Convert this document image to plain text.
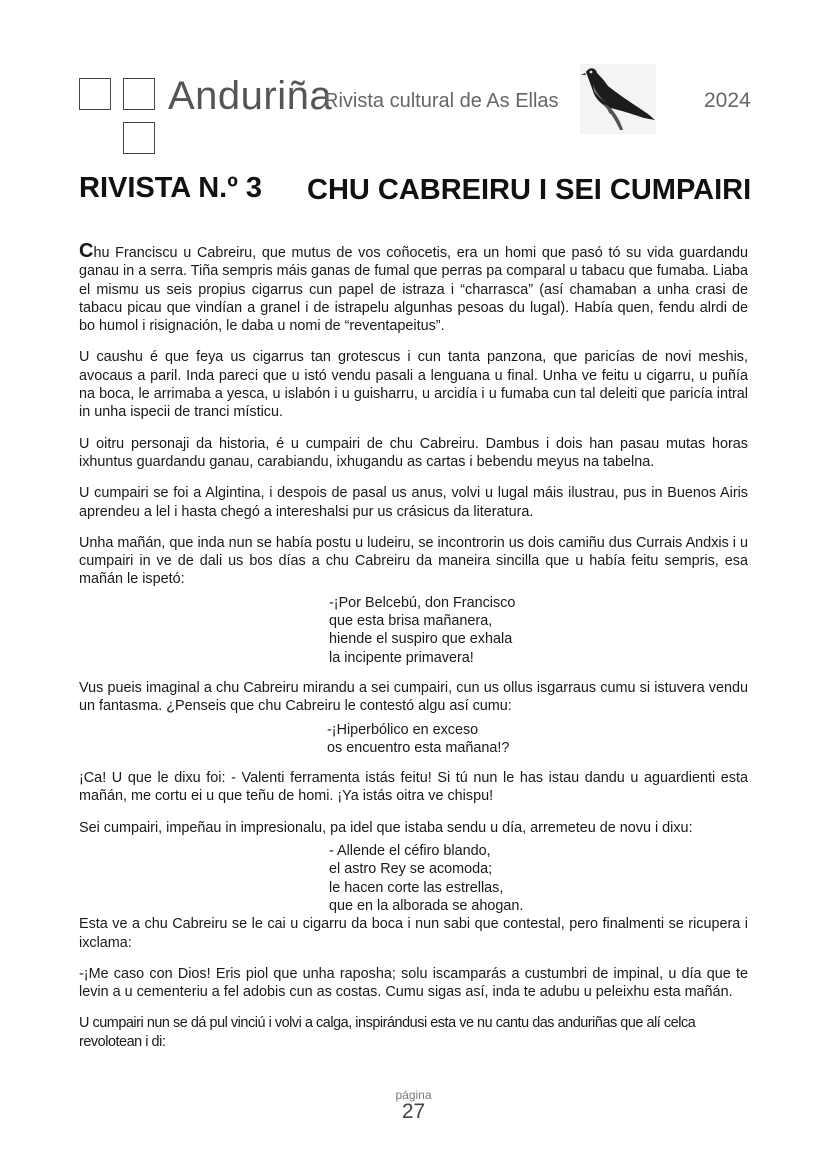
Anduriña
Rivista cultural de As Ellas	2024
RIVISTA N.º 3 CHU CABREIRU I SEI CUMPAIRI

Chu Franciscu u Cabreiru, que mutus de vos coñocetis, era un homi que pasó tó su vida guardandu ganau in a serra. Tiña sempris máis ganas de fumal que perras pa comparal u tabacu que fumaba. Liaba el mismu us seis propius cigarrus cun papel de istraza i “charrasca” (así chamaban a unha crasi de tabacu picau que vindían a granel i de istrapelu algunhas pesoas du lugal). Había quen, fendu alrdi de bo humol i risignación, le daba u nomi de “reventapeitus”.

U caushu é que feya us cigarrus tan grotescus i cun tanta panzona, que paricías de novi meshis, avocaus a paril. Inda pareci que u istó vendu pasali a lenguana u final. Unha ve feitu u cigarru, u puñía na boca, le arrimaba a yesca, u islabón i u guisharru, u arcidía i u fumaba cun tal deleiti que paricía intral in unha ispecii de tranci místicu.

U oitru personaji da historia, é u cumpairi de chu Cabreiru. Dambus i dois han pasau mutas horas ixhuntus guardandu ganau, carabiandu, ixhugandu as cartas i bebendu meyus na tabelna.

U cumpairi se foi a Algintina, i despois de pasal us anus, volvi u lugal máis ilustrau, pus in Buenos Airis aprendeu a lel i hasta chegó a intereshalsi pur us crásicus da literatura.

Unha mañán, que inda nun se había postu u ludeiru, se incontrorin us dois camiñu dus Currais Andxis i u cumpairi in ve de dali us bos días a chu Cabreiru da maneira sincilla que u había feitu sempris, esa mañán le ispetó:

-¡Por Belcebú, don Francisco
que esta brisa mañanera,
hiende el suspiro que exhala
la incipente primavera!

Vus pueis imaginal a chu Cabreiru mirandu a sei cumpairi, cun us ollus isgarraus cumu si istuvera vendu un fantasma. ¿Penseis que chu Cabreiru le contestó algu así cumu:

-¡Hiperbólico en exceso
os encuentro esta mañana!?

¡Ca! U que le dixu foi: - Valenti ferramenta istás feitu! Si tú nun le has istau dandu u aguardienti esta mañán, me cortu ei u que teñu de homi. ¡Ya istás oitra ve chispu!

Sei cumpairi, impeñau in impresionalu, pa idel que istaba sendu u día, arremeteu de novu i dixu:

- Allende el céfiro blando,
el astro Rey se acomoda;
le hacen corte las estrellas,
que en la alborada se ahogan.

Esta ve a chu Cabreiru se le cai u cigarru da boca i nun sabi que contestal, pero finalmenti se ricupera i ixclama:

-¡Me caso con Dios! Eris piol que unha raposha; solu iscamparás a custumbri de impinal, u día que te levin a u cementeriu a fel adobis cun as costas. Cumu sigas así, inda te adubu u peleixhu esta mañán.

U cumpairi nun se dá pul vinciú i volvi a calga, inspirándusi esta ve nu cantu das anduriñas que alí celca revolotean i di:

página
27
